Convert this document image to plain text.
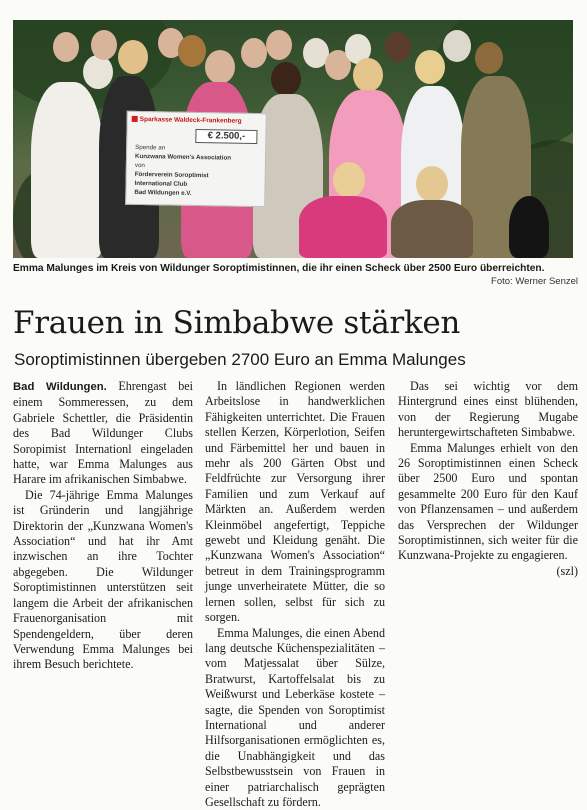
Sparkasse Waldeck-Frankenberg
€ 2.500,-
Spende an
Kunzwana Women's Association
von
Förderverein Soroptimist
International Club
Bad Wildungen e.V.
Emma Malunges im Kreis von Wildunger Soroptimistinnen, die ihr einen Scheck über 2500 Euro überreichten.
Foto: Werner Senzel
Frauen in Simbabwe stärken
Soroptimistinnen übergeben 2700 Euro an Emma Malunges

Bad Wildungen. Ehrengast bei einem Sommeressen, zu dem Gabriele Schettler, die Präsidentin des Bad Wildunger Clubs Soropimist Internationl eingeladen hatte, war Emma Malunges aus Harare im afrikanischen Simbabwe.

Die 74-jährige Emma Malunges ist Gründerin und langjährige Direktorin der „Kunzwana Women's Association“ und hat ihr Amt inzwischen an ihre Tochter abgegeben. Die Wildunger Soroptimistinnen unterstützen seit langem die Arbeit der afrikanischen Frauenorganisation mit Spendengeldern, über deren Verwendung Emma Malunges bei ihrem Besuch berichtete.

In ländlichen Regionen werden Arbeitslose in handwerklichen Fähigkeiten unterrichtet. Die Frauen stellen Kerzen, Körperlotion, Seifen und Färbemittel her und bauen in mehr als 200 Gärten Obst und Feldfrüchte zur Versorgung ihrer Familien und zum Verkauf auf Märkten an. Außerdem werden Kleinmöbel angefertigt, Teppiche gewebt und Kleidung genäht. Die „Kunzwana Women's Association“ betreut in dem Trainingsprogramm junge unverheiratete Mütter, die so lernen sollen, selbst für sich zu sorgen.

Emma Malunges, die einen Abend lang deutsche Küchenspezialitäten – vom Matjessalat über Sülze, Bratwurst, Kartoffelsalat bis zu Weißwurst und Leberkäse kostete – sagte, die Spenden von Soroptimist International und anderer Hilfsorganisationen ermöglichten es, die Unabhängigkeit und das Selbstbewusstsein von Frauen in einer patriarchalisch geprägten Gesellschaft zu fördern.

Das sei wichtig vor dem Hintergrund eines einst blühenden, von der Regierung Mugabe heruntergewirtschafteten Simbabwe.

Emma Malunges erhielt von den 26 Soroptimistinnen einen Scheck über 2500 Euro und spontan gesammelte 200 Euro für den Kauf von Pflanzensamen – und außerdem das Versprechen der Wildunger Soroptimistinnen, sich weiter für die Kunzwana-Projekte zu engagieren.
(szl)
